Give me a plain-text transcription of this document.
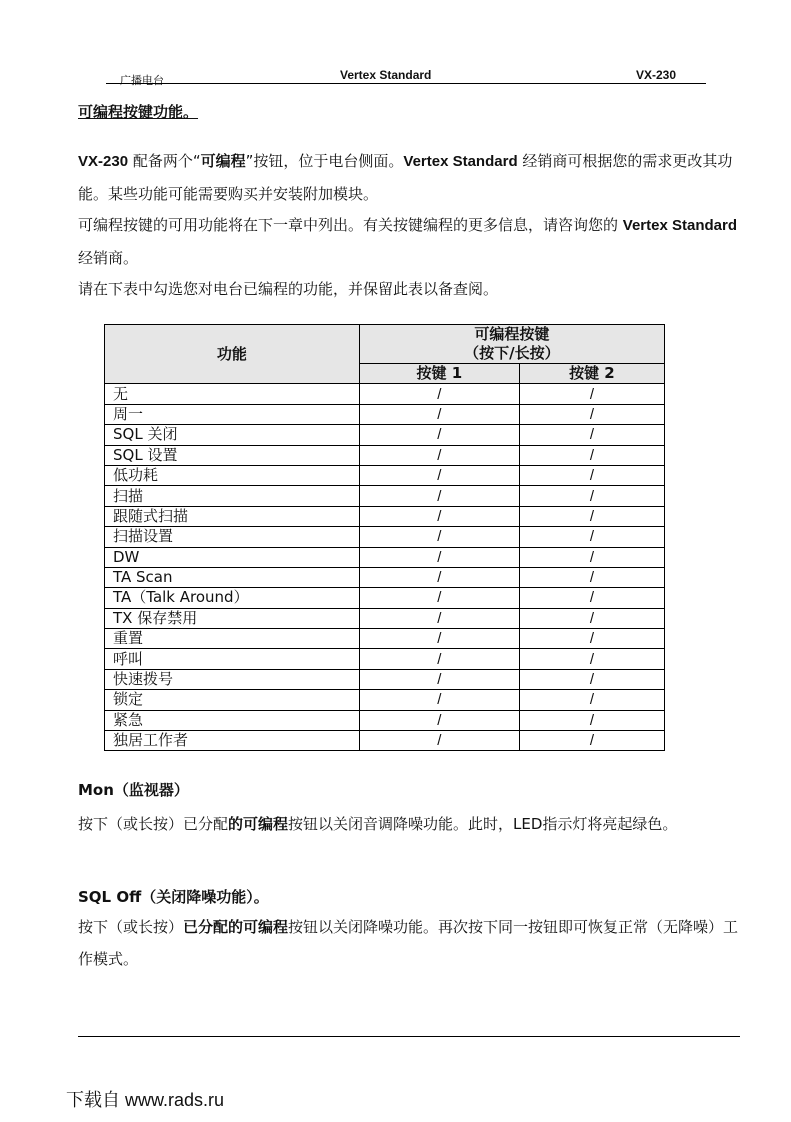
广播电台	Vertex Standard	VX-230
可编程按键功能。
VX-230 配备两个“可编程”按钮，位于电台侧面。Vertex Standard 经销商可根据您的需求更改其功能。某些功能可能需要购买并安装附加模块。
可编程按键的可用功能将在下一章中列出。有关按键编程的更多信息，请咨询您的 Vertex Standard 经销商。
请在下表中勾选您对电台已编程的功能，并保留此表以备查阅。
功能	可编程按键
（按下/长按）	

	按键 1	按键 2
无	/	/
周一	/	/
SQL 关闭	/	/
SQL 设置	/	/
低功耗	/	/
扫描	/	/
跟随式扫描	/	/
扫描设置	/	/
DW	/	/
TA Scan	/	/
TA（Talk Around）	/	/
TX 保存禁用	/	/
重置	/	/
呼叫	/	/
快速拨号	/	/
锁定	/	/
紧急	/	/
独居工作者	/	/
Mon（监视器）
按下（或长按）已分配的可编程按钮以关闭音调降噪功能。此时，LED指示灯将亮起绿色。
SQL Off（关闭降噪功能）。
按下（或长按）已分配的可编程按钮以关闭降噪功能。再次按下同一按钮即可恢复正常（无降噪）工作模式。
下载自 www.rads.ru
